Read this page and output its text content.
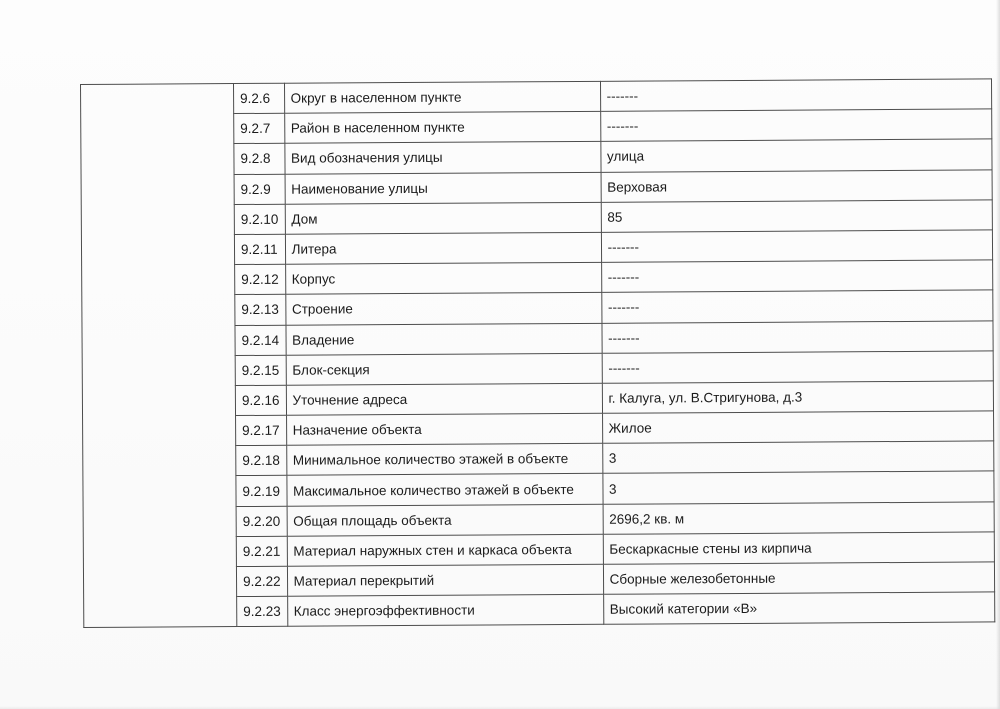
	9.2.6	Округ в населенном пункте	-------
	9.2.7	Район в населенном пункте	-------
	9.2.8	Вид обозначения улицы	улица
	9.2.9	Наименование улицы	Верховая
	9.2.10	Дом	85
	9.2.11	Литера	-------
	9.2.12	Корпус	-------
	9.2.13	Строение	-------
	9.2.14	Владение	-------
	9.2.15	Блок-секция	-------
	9.2.16	Уточнение адреса	г. Калуга, ул. В.Стригунова, д.3
	9.2.17	Назначение объекта	Жилое
	9.2.18	Минимальное количество этажей в объекте	3
	9.2.19	Максимальное количество этажей в объекте	3
	9.2.20	Общая площадь объекта	2696,2 кв. м
	9.2.21	Материал наружных стен и каркаса объекта	Бескаркасные стены из кирпича
	9.2.22	Материал перекрытий	Сборные железобетонные
	9.2.23	Класс энергоэффективности	Высокий категории «В»
